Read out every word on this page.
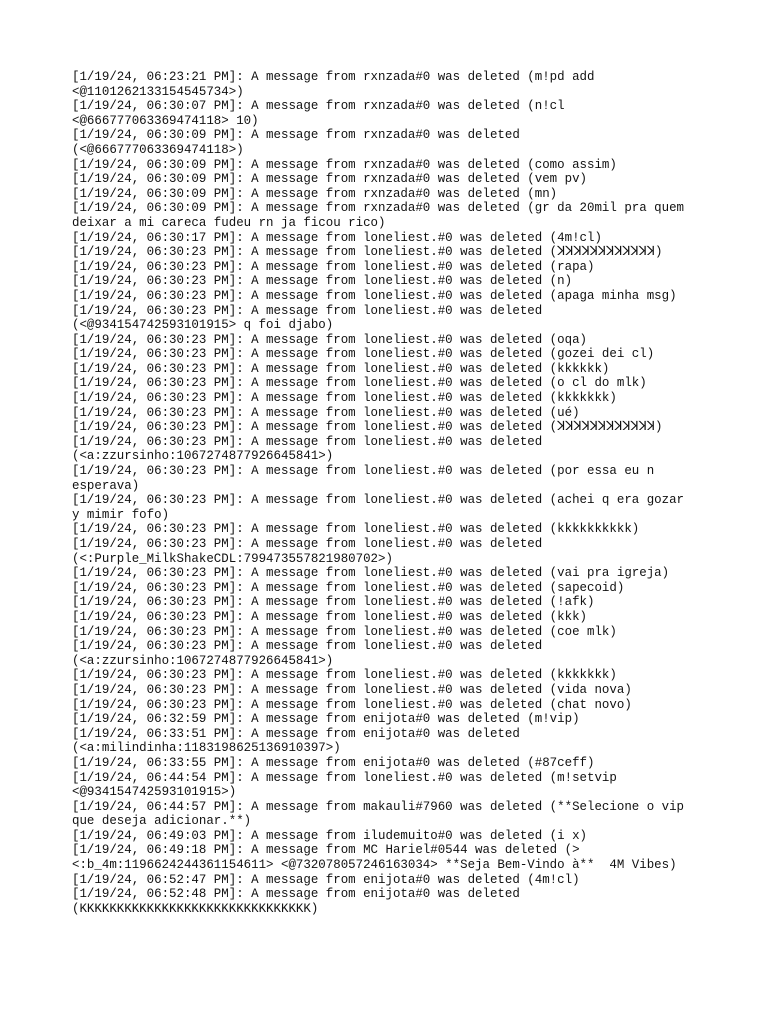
[1/19/24, 06:23:21 PM]: A message from rxnzada#0 was deleted (m!pd add

<@1101262133154545734>)

[1/19/24, 06:30:07 PM]: A message from rxnzada#0 was deleted (n!cl

<@666777063369474118> 10)

[1/19/24, 06:30:09 PM]: A message from rxnzada#0 was deleted

(<@666777063369474118>)

[1/19/24, 06:30:09 PM]: A message from rxnzada#0 was deleted (como assim)

[1/19/24, 06:30:09 PM]: A message from rxnzada#0 was deleted (vem pv)

[1/19/24, 06:30:09 PM]: A message from rxnzada#0 was deleted (mn)

[1/19/24, 06:30:09 PM]: A message from rxnzada#0 was deleted (gr da 20mil pra quem

deixar a mi careca fudeu rn ja ficou rico)

[1/19/24, 06:30:17 PM]: A message from loneliest.#0 was deleted (4m!cl)

[1/19/24, 06:30:23 PM]: A message from loneliest.#0 was deleted (ꓘꓘꓘꓘꓘꓘꓘꓘꓘꓘꓘꓘ)

[1/19/24, 06:30:23 PM]: A message from loneliest.#0 was deleted (rapa)

[1/19/24, 06:30:23 PM]: A message from loneliest.#0 was deleted (n)

[1/19/24, 06:30:23 PM]: A message from loneliest.#0 was deleted (apaga minha msg)

[1/19/24, 06:30:23 PM]: A message from loneliest.#0 was deleted

(<@934154742593101915> q foi djabo)

[1/19/24, 06:30:23 PM]: A message from loneliest.#0 was deleted (oqa)

[1/19/24, 06:30:23 PM]: A message from loneliest.#0 was deleted (gozei dei cl)

[1/19/24, 06:30:23 PM]: A message from loneliest.#0 was deleted (kkkkkk)

[1/19/24, 06:30:23 PM]: A message from loneliest.#0 was deleted (o cl do mlk)

[1/19/24, 06:30:23 PM]: A message from loneliest.#0 was deleted (kkkkkkk)

[1/19/24, 06:30:23 PM]: A message from loneliest.#0 was deleted (ué)

[1/19/24, 06:30:23 PM]: A message from loneliest.#0 was deleted (ꓘꓘꓘꓘꓘꓘꓘꓘꓘꓘꓘꓘ)

[1/19/24, 06:30:23 PM]: A message from loneliest.#0 was deleted

(<a:zzursinho:1067274877926645841>)

[1/19/24, 06:30:23 PM]: A message from loneliest.#0 was deleted (por essa eu n

esperava)

[1/19/24, 06:30:23 PM]: A message from loneliest.#0 was deleted (achei q era gozar

y mimir fofo)

[1/19/24, 06:30:23 PM]: A message from loneliest.#0 was deleted (kkkkkkkkkk)

[1/19/24, 06:30:23 PM]: A message from loneliest.#0 was deleted

(<:Purple_MilkShakeCDL:799473557821980702>)

[1/19/24, 06:30:23 PM]: A message from loneliest.#0 was deleted (vai pra igreja)

[1/19/24, 06:30:23 PM]: A message from loneliest.#0 was deleted (sapecoid)

[1/19/24, 06:30:23 PM]: A message from loneliest.#0 was deleted (!afk)

[1/19/24, 06:30:23 PM]: A message from loneliest.#0 was deleted (kkk)

[1/19/24, 06:30:23 PM]: A message from loneliest.#0 was deleted (coe mlk)

[1/19/24, 06:30:23 PM]: A message from loneliest.#0 was deleted

(<a:zzursinho:1067274877926645841>)

[1/19/24, 06:30:23 PM]: A message from loneliest.#0 was deleted (kkkkkkk)

[1/19/24, 06:30:23 PM]: A message from loneliest.#0 was deleted (vida nova)

[1/19/24, 06:30:23 PM]: A message from loneliest.#0 was deleted (chat novo)

[1/19/24, 06:32:59 PM]: A message from enijota#0 was deleted (m!vip)

[1/19/24, 06:33:51 PM]: A message from enijota#0 was deleted

(<a:milindinha:1183198625136910397>)

[1/19/24, 06:33:55 PM]: A message from enijota#0 was deleted (#87ceff)

[1/19/24, 06:44:54 PM]: A message from loneliest.#0 was deleted (m!setvip

<@934154742593101915>)

[1/19/24, 06:44:57 PM]: A message from makauli#7960 was deleted (**Selecione o vip

que deseja adicionar.**)

[1/19/24, 06:49:03 PM]: A message from iludemuito#0 was deleted (i x)

[1/19/24, 06:49:18 PM]: A message from MC Hariel#0544 was deleted (>

<:b_4m:1196624244361154611> <@732078057246163034> **Seja Bem-Vindo à**  4M Vibes)

[1/19/24, 06:52:47 PM]: A message from enijota#0 was deleted (4m!cl)

[1/19/24, 06:52:48 PM]: A message from enijota#0 was deleted

(KKKKKKKKKKKKKKKKKKKKKKKKKKKKKKK)
